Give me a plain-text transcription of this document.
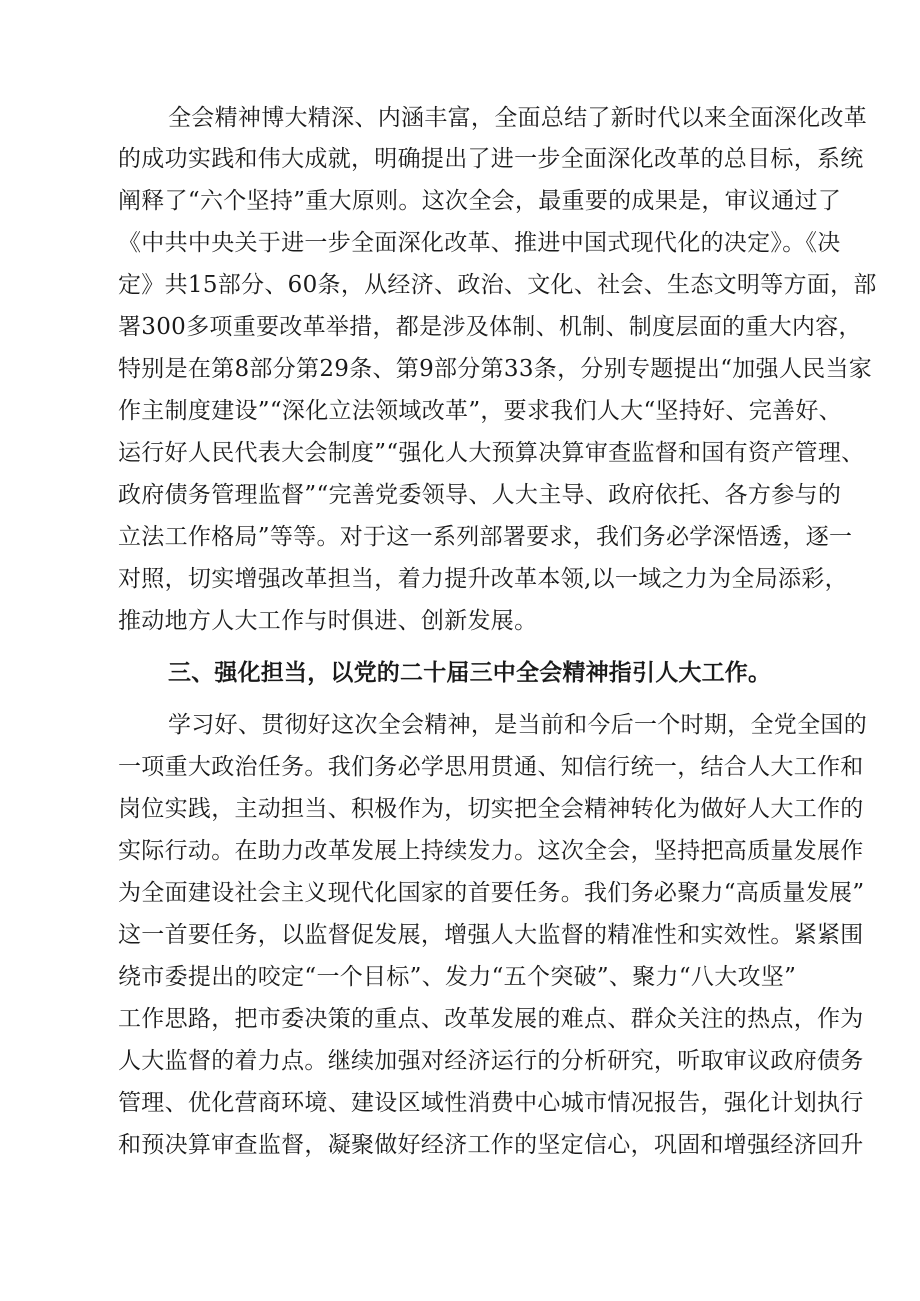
全会精神博大精深、内涵丰富，全面总结了新时代以来全面深化改革
的成功实践和伟大成就，明确提出了进一步全面深化改革的总目标，系统
阐释了“六个坚持”重大原则。这次全会，最重要的成果是，审议通过了
《中共中央关于进一步全面深化改革、推进中国式现代化的决定》。《决
定》共15部分、60条，从经济、政治、文化、社会、生态文明等方面，部
署300多项重要改革举措，都是涉及体制、机制、制度层面的重大内容，
特别是在第8部分第29条、第9部分第33条，分别专题提出“加强人民当家
作主制度建设”“深化立法领域改革”，要求我们人大“坚持好、完善好、
运行好人民代表大会制度”“强化人大预算决算审查监督和国有资产管理、
政府债务管理监督”“完善党委领导、人大主导、政府依托、各方参与的
立法工作格局”等等。对于这一系列部署要求，我们务必学深悟透，逐一
对照，切实增强改革担当，着力提升改革本领,以一域之力为全局添彩，
推动地方人大工作与时俱进、创新发展。
三、强化担当，以党的二十届三中全会精神指引人大工作。
学习好、贯彻好这次全会精神，是当前和今后一个时期，全党全国的
一项重大政治任务。我们务必学思用贯通、知信行统一，结合人大工作和
岗位实践，主动担当、积极作为，切实把全会精神转化为做好人大工作的
实际行动。在助力改革发展上持续发力。这次全会，坚持把高质量发展作
为全面建设社会主义现代化国家的首要任务。我们务必聚力“高质量发展”
这一首要任务，以监督促发展，增强人大监督的精准性和实效性。紧紧围
绕市委提出的咬定“一个目标”、发力“五个突破”、聚力“八大攻坚”
工作思路，把市委决策的重点、改革发展的难点、群众关注的热点，作为
人大监督的着力点。继续加强对经济运行的分析研究，听取审议政府债务
管理、优化营商环境、建设区域性消费中心城市情况报告，强化计划执行
和预决算审查监督，凝聚做好经济工作的坚定信心，巩固和增强经济回升
